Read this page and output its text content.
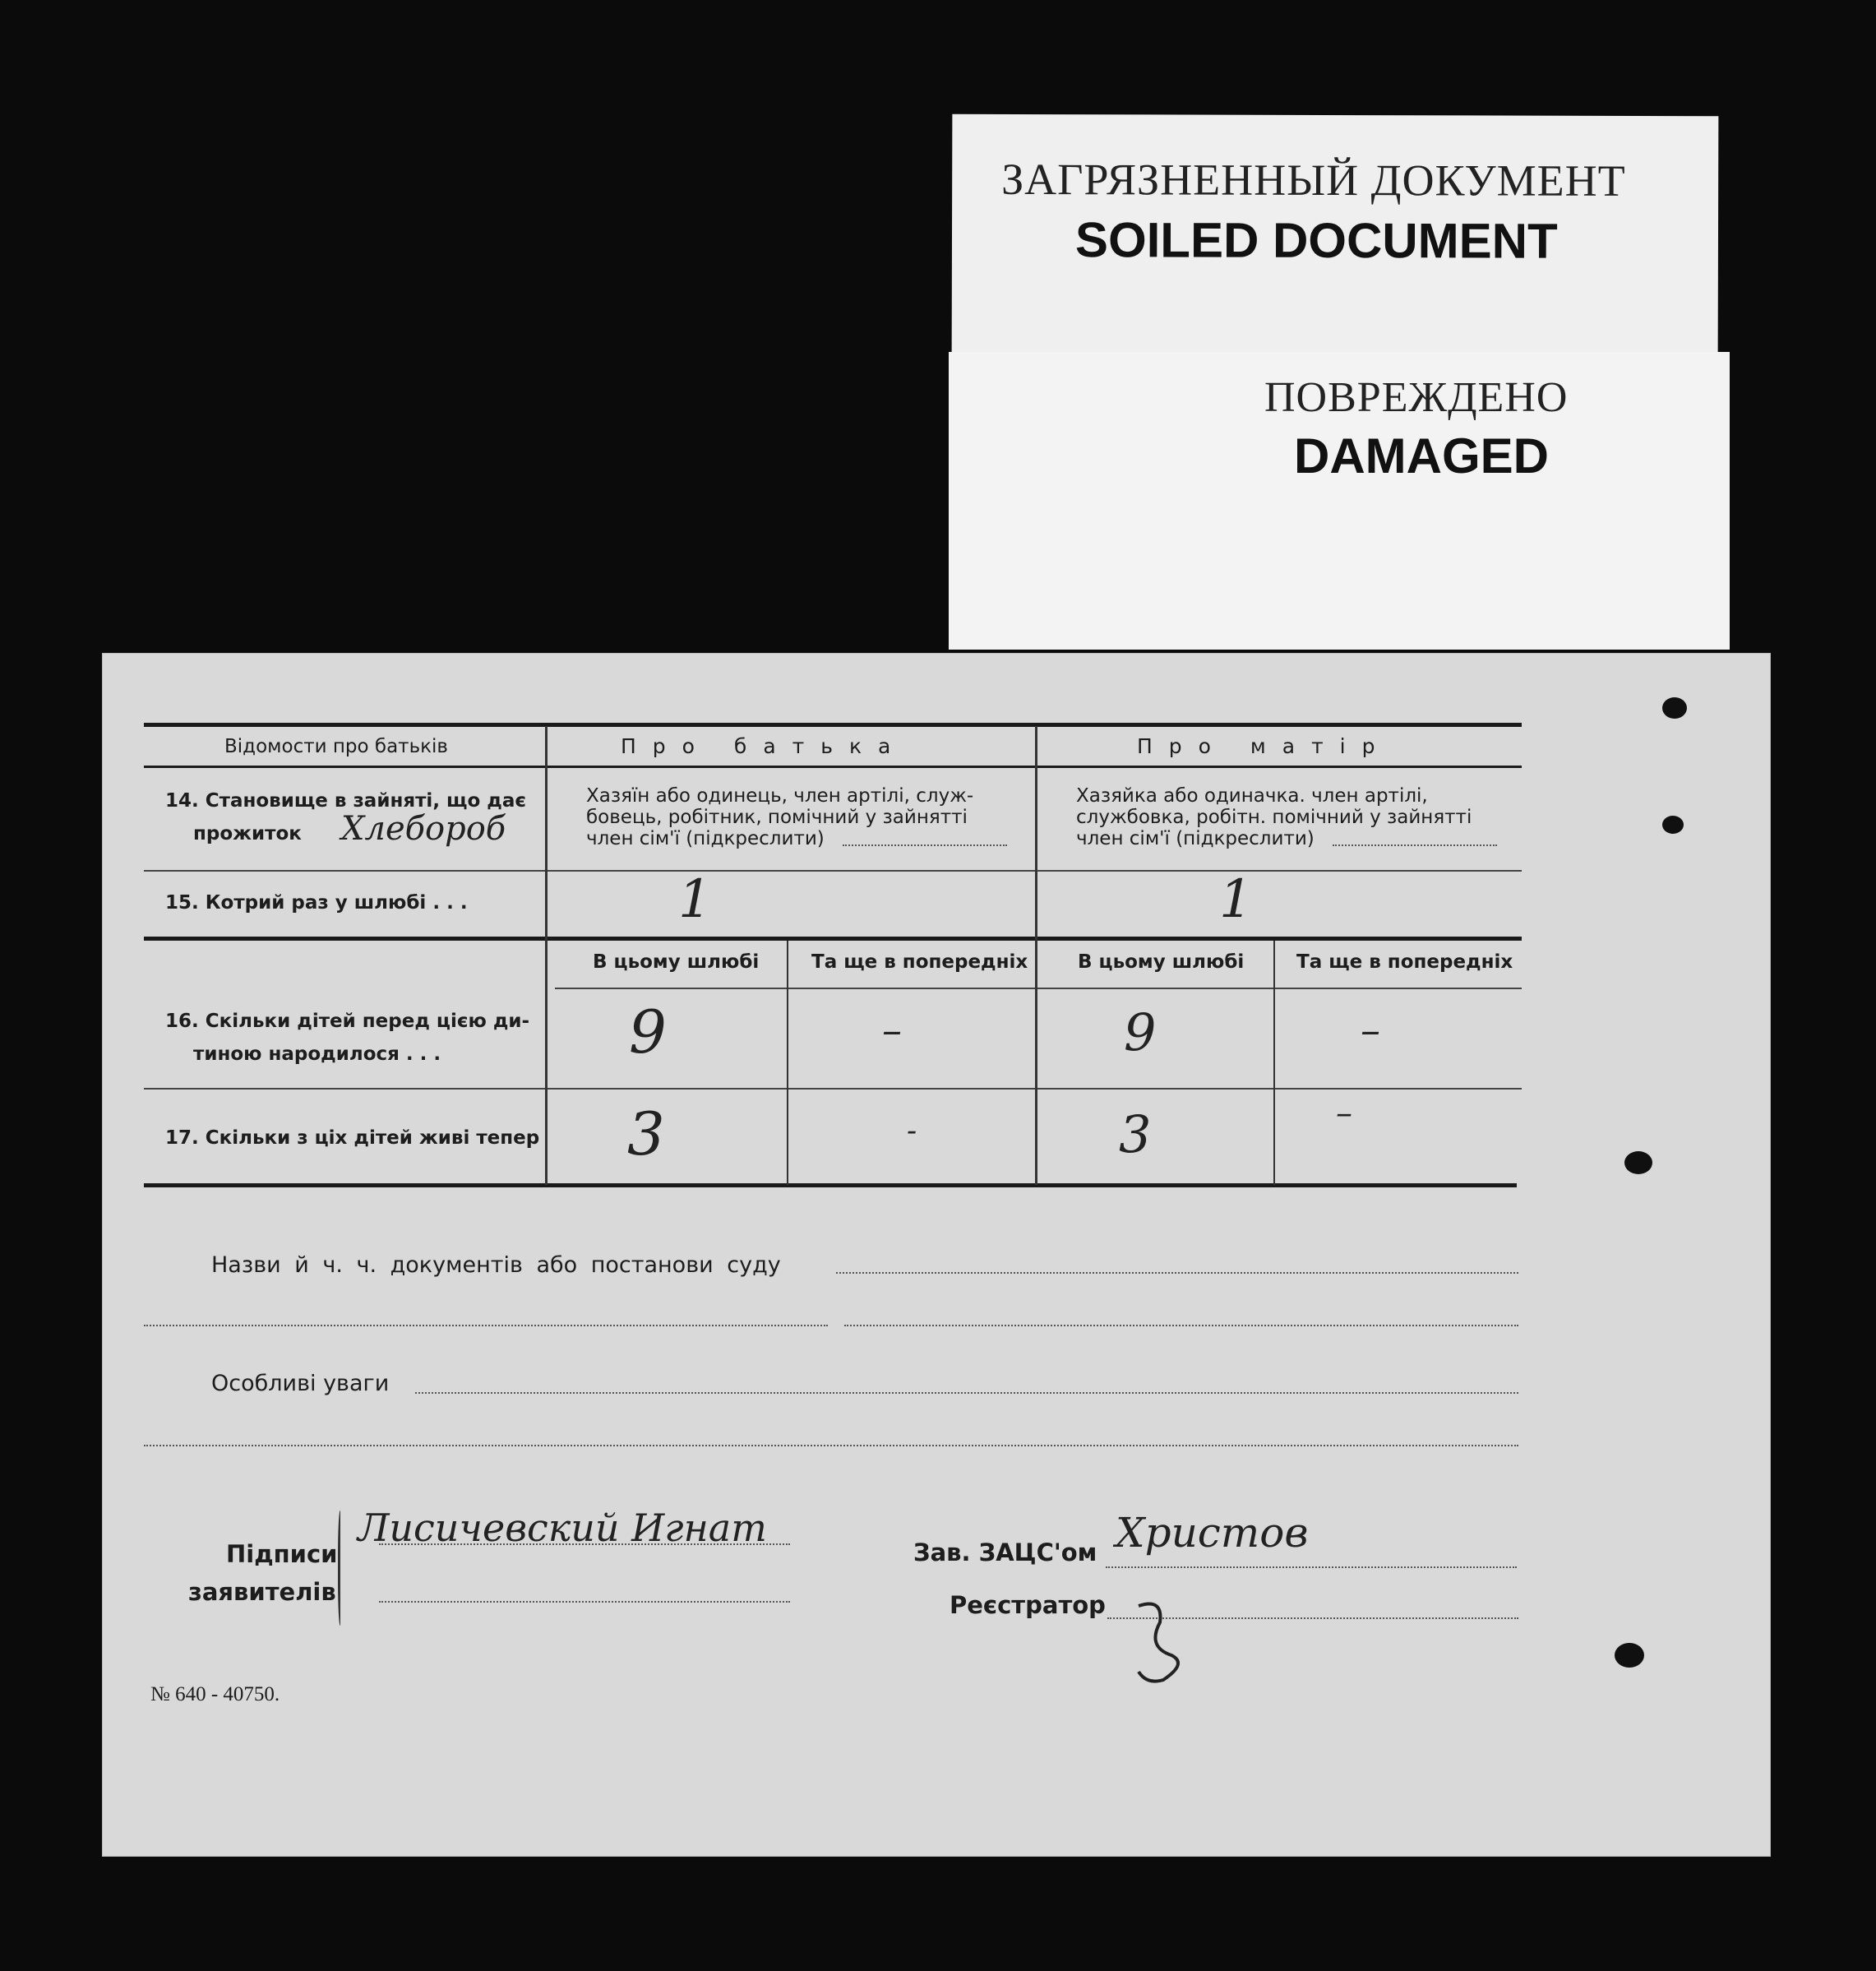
ЗАГРЯЗНЕННЫЙ ДОКУМЕНТ
SOILED DOCUMENT
ПОВРЕЖДЕНО
DAMAGED
Відомости про батьків	Про батька	Про матір
14. Становище в зайняті, що дає
прожиток Хлебороб
Хазяїн або одинець, член артілі, служ-
бовець, робітник, помічний у зайнятті
член сім'ї (підкреслити)
Хазяйка або одиначка. член артілі,
службовка, робітн. помічний у зайнятті
член сім'ї (підкреслити)
15. Котрий раз у шлюбі . . .	1	1
В цьому шлюбі	Та ще в попередніх	В цьому шлюбі	Та ще в попередніх
16. Скільки дітей перед цією ди-
тиною народилося . . .	9	–	9	–
17. Скільки з ціх дітей живі тепер 3	-	3	–
Назви й ч. ч. документів або постанови суду
Особливі уваги
Підписи
заявителів
Лисичевский Игнат
Зав. ЗАЦС'ом Христов
Реєстратор
№ 640 - 40750.
